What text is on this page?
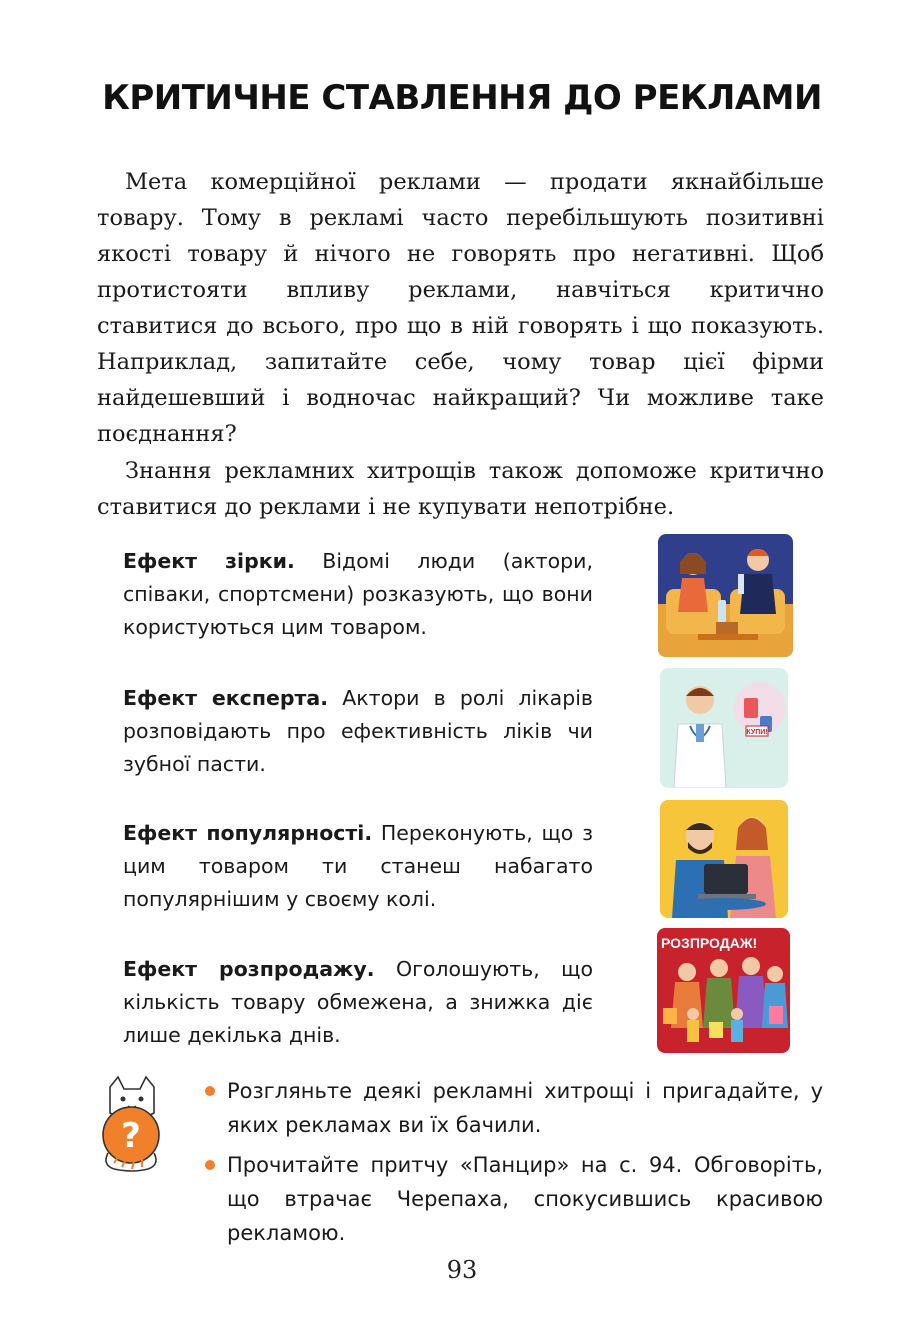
КРИТИЧНЕ СТАВЛЕННЯ ДО РЕКЛАМИ

Мета комерційної реклами — продати якнайбільше товару. Тому в рекламі часто перебільшують позитивні якості товару й нічого не говорять про негативні. Щоб протистояти впливу реклами, навчіться критично ставитися до всього, про що в ній говорять і що показують. Наприклад, запитайте себе, чому товар цієї фірми найдешевший і водночас найкращий? Чи можливе таке поєднання?

Знання рекламних хитрощів також допоможе критично ставитися до реклами і не купувати непотрібне.

Ефект зірки. Відомі люди (актори, співаки, спортсмени) розказують, що вони користуються цим товаром.

Ефект експерта. Актори в ролі лікарів розповідають про ефективність ліків чи зубної пасти.

Ефект популярності. Переконують, що з цим товаром ти станеш набагато популярнішим у своєму колі.

Ефект розпродажу. Оголошують, що кількість товару обмежена, а знижка діє лише декілька днів.

КУПИ!
РОЗПРОДАЖ!
?
Розгляньте деякі рекламні хитрощі і пригадайте, у яких рекламах ви їх бачили.
Прочитайте притчу «Панцир» на с. 94. Обговоріть, що втрачає Черепаха, спокусившись красивою рекламою.
93
